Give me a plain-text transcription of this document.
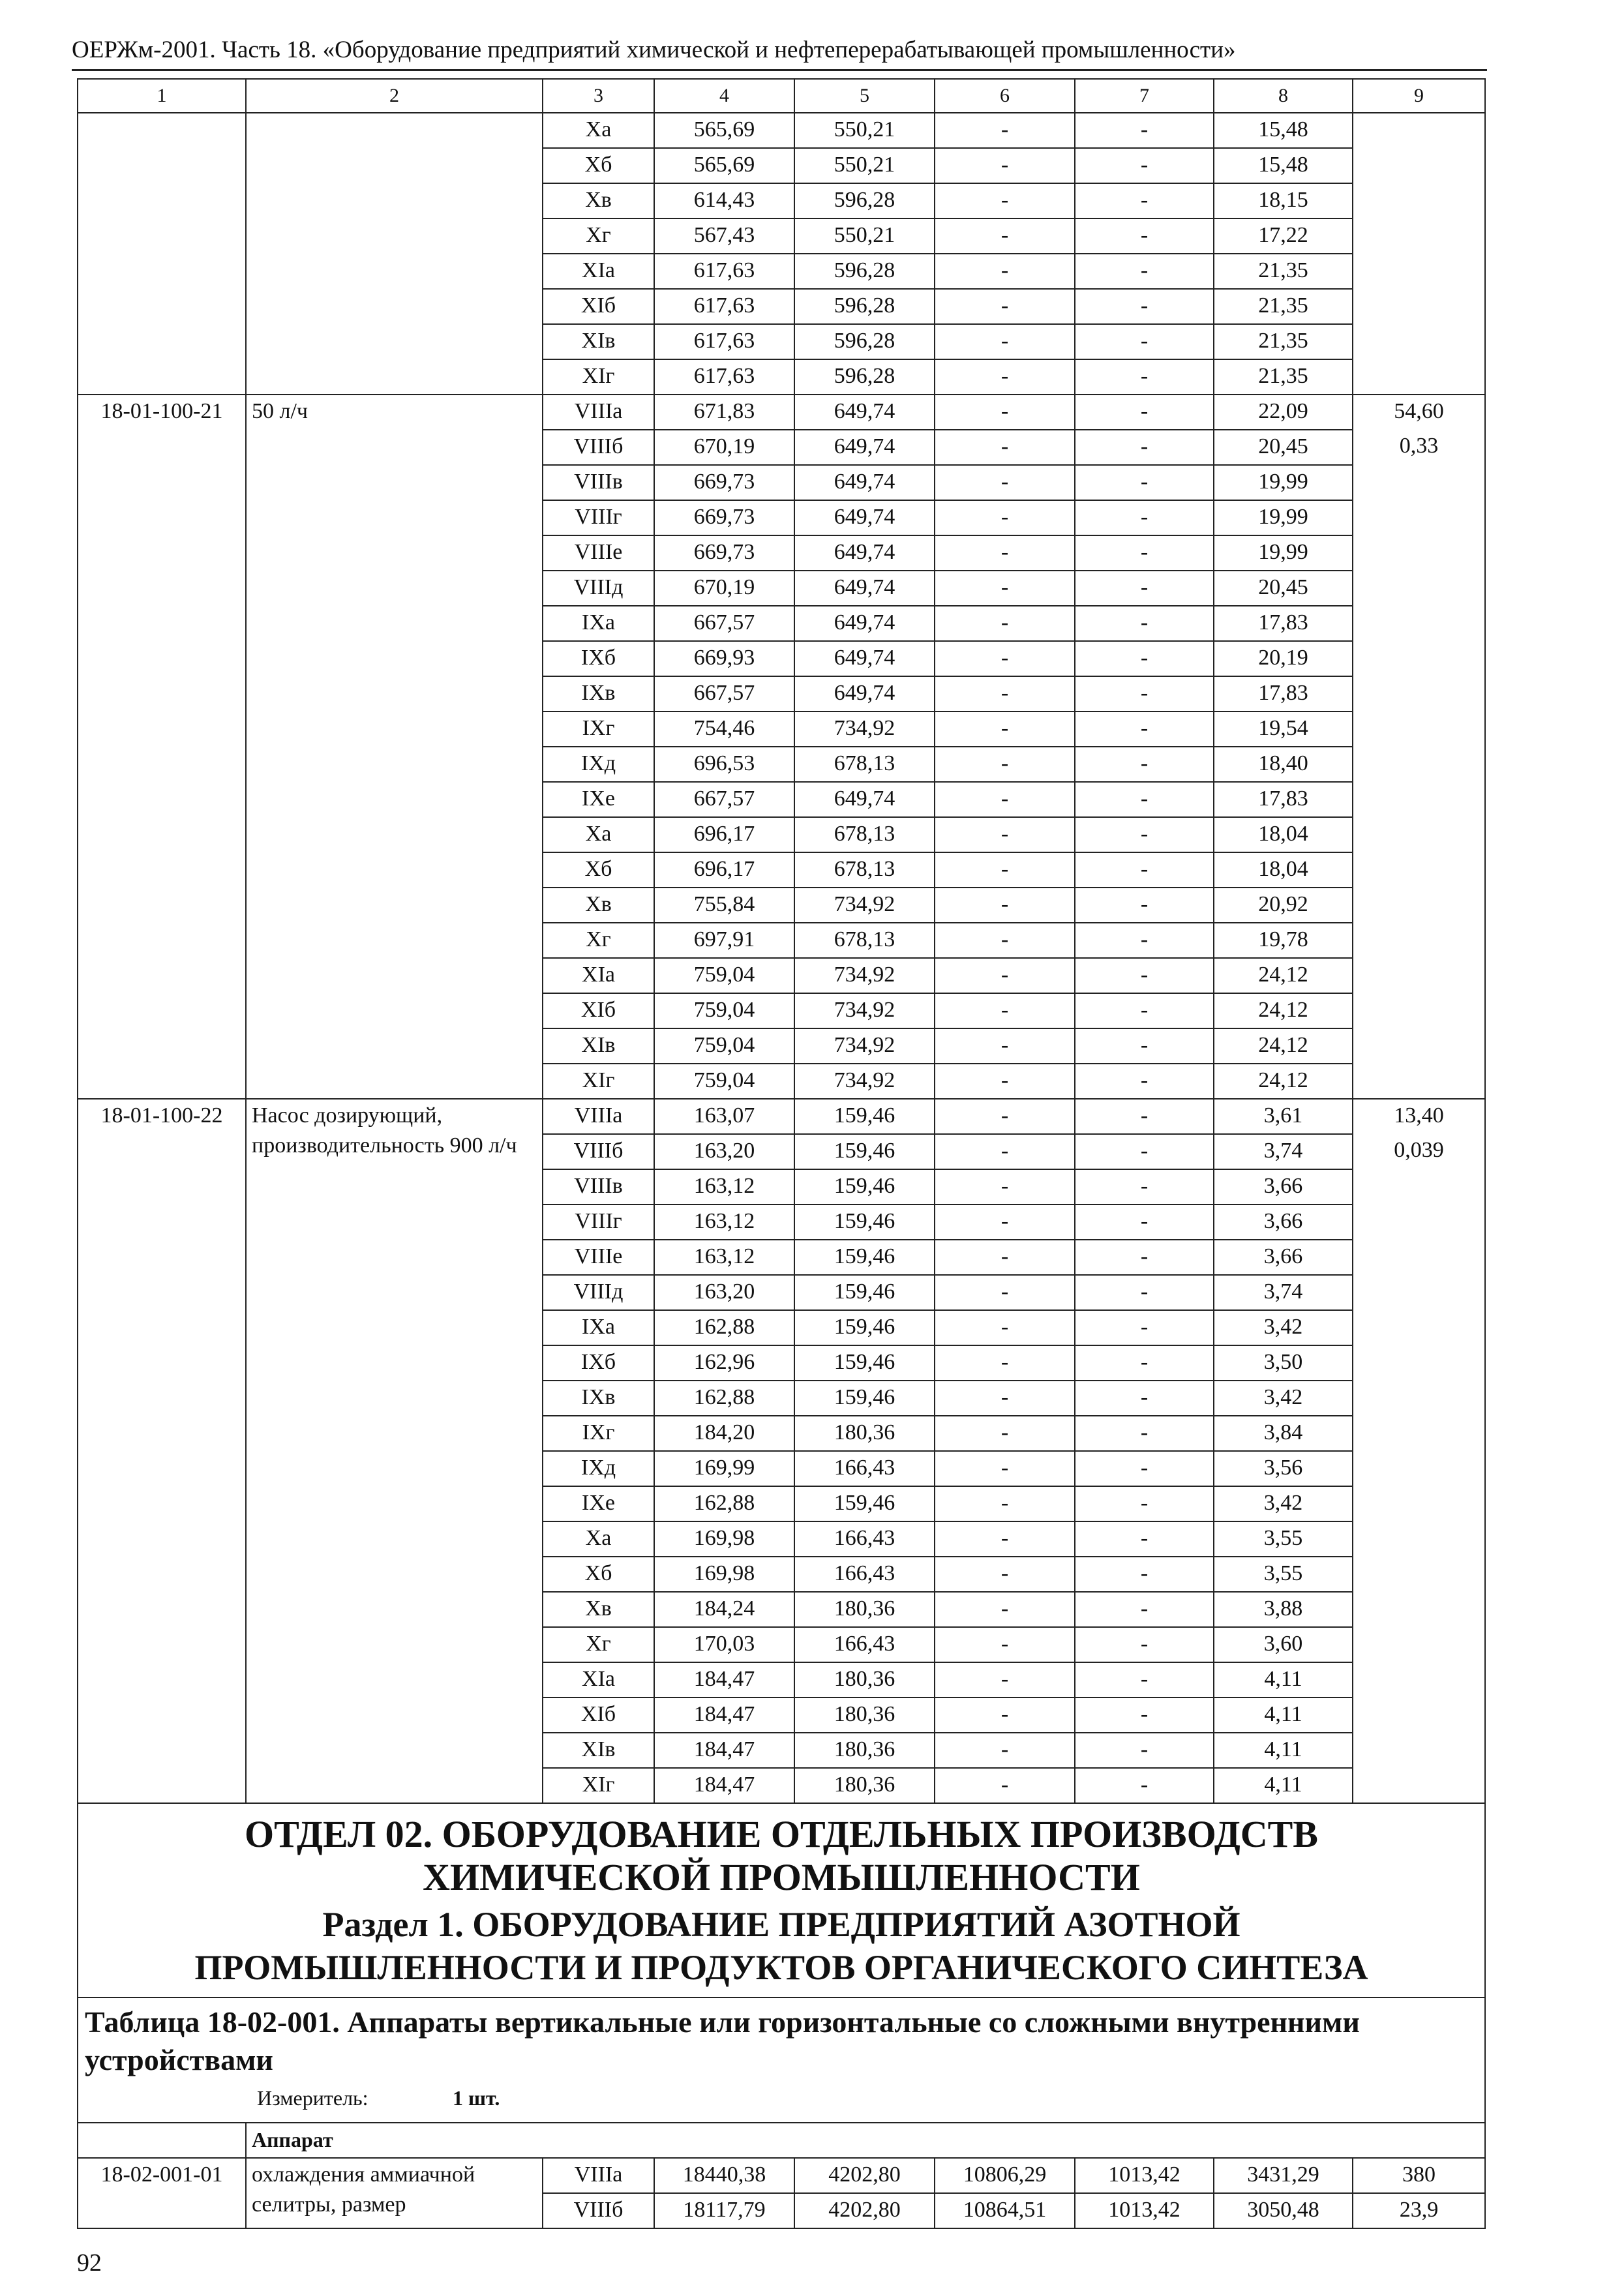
ОЕРЖм-2001. Часть 18. «Оборудование предприятий химической и нефтеперерабатывающей промышленности»
1	2	3	4	5	6	7	8	9
		Xa	565,69	550,21	-	-	15,48	
		Xб	565,69	550,21	-	-	15,48	
		Xв	614,43	596,28	-	-	18,15	
		Xг	567,43	550,21	-	-	17,22	
		XIa	617,63	596,28	-	-	21,35	
		XIб	617,63	596,28	-	-	21,35	
		XIв	617,63	596,28	-	-	21,35	
		XIг	617,63	596,28	-	-	21,35	
18-01-100-21	50 л/ч	VIIIa	671,83	649,74	-	-	22,09	54,60
		VIIIб	670,19	649,74	-	-	20,45	0,33
		VIIIв	669,73	649,74	-	-	19,99	
		VIIIг	669,73	649,74	-	-	19,99	
		VIIIе	669,73	649,74	-	-	19,99	
		VIIIд	670,19	649,74	-	-	20,45	
		IXa	667,57	649,74	-	-	17,83	
		IXб	669,93	649,74	-	-	20,19	
		IXв	667,57	649,74	-	-	17,83	
		IXг	754,46	734,92	-	-	19,54	
		IXд	696,53	678,13	-	-	18,40	
		IXе	667,57	649,74	-	-	17,83	
		Xa	696,17	678,13	-	-	18,04	
		Xб	696,17	678,13	-	-	18,04	
		Xв	755,84	734,92	-	-	20,92	
		Xг	697,91	678,13	-	-	19,78	
		XIa	759,04	734,92	-	-	24,12	
		XIб	759,04	734,92	-	-	24,12	
		XIв	759,04	734,92	-	-	24,12	
		XIг	759,04	734,92	-	-	24,12	
18-01-100-22	Насос дозирующий, производительность 900 л/ч	VIIIa	163,07	159,46	-	-	3,61	13,40
		VIIIб	163,20	159,46	-	-	3,74	0,039
		VIIIв	163,12	159,46	-	-	3,66	
		VIIIг	163,12	159,46	-	-	3,66	
		VIIIе	163,12	159,46	-	-	3,66	
		VIIIд	163,20	159,46	-	-	3,74	
		IXa	162,88	159,46	-	-	3,42	
		IXб	162,96	159,46	-	-	3,50	
		IXв	162,88	159,46	-	-	3,42	
		IXг	184,20	180,36	-	-	3,84	
		IXд	169,99	166,43	-	-	3,56	
		IXе	162,88	159,46	-	-	3,42	
		Xa	169,98	166,43	-	-	3,55	
		Xб	169,98	166,43	-	-	3,55	
		Xв	184,24	180,36	-	-	3,88	
		Xг	170,03	166,43	-	-	3,60	
		XIa	184,47	180,36	-	-	4,11	
		XIб	184,47	180,36	-	-	4,11	
		XIв	184,47	180,36	-	-	4,11	
		XIг	184,47	180,36	-	-	4,11	

ОТДЕЛ 02. ОБОРУДОВАНИЕ ОТДЕЛЬНЫХ ПРОИЗВОДСТВ
ХИМИЧЕСКОЙ ПРОМЫШЛЕННОСТИ
Раздел 1. ОБОРУДОВАНИЕ ПРЕДПРИЯТИЙ АЗОТНОЙ
ПРОМЫШЛЕННОСТИ И ПРОДУКТОВ ОРГАНИЧЕСКОГО СИНТЕЗА								

Таблица 18-02-001. Аппараты вертикальные или горизонтальные со сложными внутренними устройствами
Измеритель: 1 шт.								

	Аппарат							
18-02-001-01	охлаждения аммиачной селитры, размер	VIIIa	18440,38	4202,80	10806,29	1013,42	3431,29	380
		VIIIб	18117,79	4202,80	10864,51	1013,42	3050,48	23,9
92
